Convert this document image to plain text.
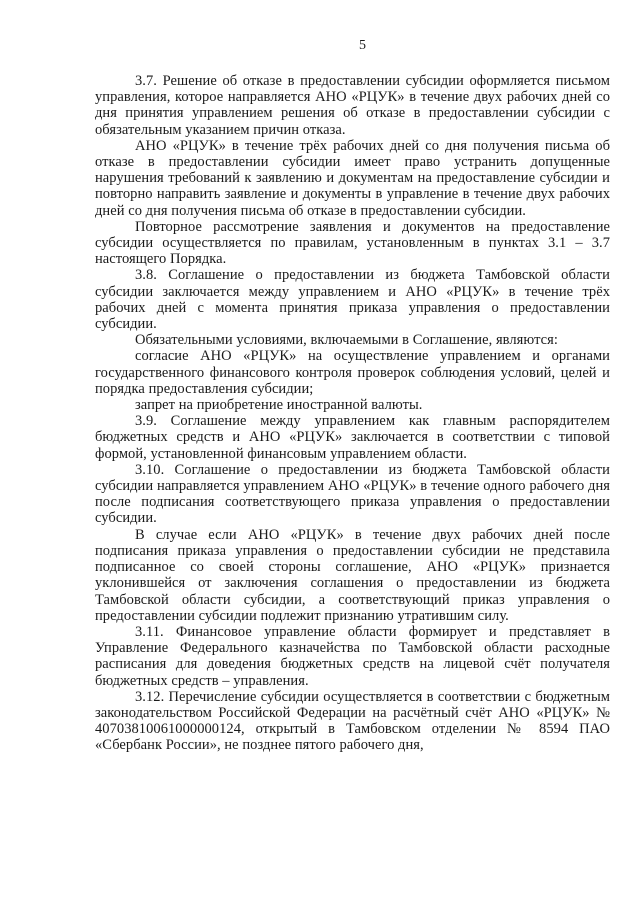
5

3.7. Решение об отказе в предоставлении субсидии оформляется письмом управления, которое направляется АНО «РЦУК» в течение двух рабочих дней со дня принятия управлением решения об отказе в предоставлении субсидии с обязательным указанием причин отказа.

АНО «РЦУК» в течение трёх рабочих дней со дня получения письма об отказе в предоставлении субсидии имеет право устранить допущенные нарушения требований к заявлению и документам на предоставление субсидии и повторно направить заявление и документы в управление в течение двух рабочих дней со дня получения письма об отказе в предоставлении субсидии.

Повторное рассмотрение заявления и документов на предоставление субсидии осуществляется по правилам, установленным в пунктах 3.1 – 3.7 настоящего Порядка.

3.8. Соглашение о предоставлении из бюджета Тамбовской области субсидии заключается между управлением и АНО «РЦУК» в течение трёх рабочих дней с момента принятия приказа управления о предоставлении субсидии.

Обязательными условиями, включаемыми в Соглашение, являются:

согласие АНО «РЦУК» на осуществление управлением и органами государственного финансового контроля проверок соблюдения условий, целей и порядка предоставления субсидии;

запрет на приобретение иностранной валюты.

3.9. Соглашение между управлением как главным распорядителем бюджетных средств и АНО «РЦУК» заключается в соответствии с типовой формой, установленной финансовым управлением области.

3.10. Соглашение о предоставлении из бюджета Тамбовской области субсидии направляется управлением АНО «РЦУК» в течение одного рабочего дня после подписания соответствующего приказа управления о предоставлении субсидии.

В случае если АНО «РЦУК» в течение двух рабочих дней после подписания приказа управления о предоставлении субсидии не представила подписанное со своей стороны соглашение, АНО «РЦУК» признается уклонившейся от заключения соглашения о предоставлении из бюджета Тамбовской области субсидии, а соответствующий приказ управления о предоставлении субсидии подлежит признанию утратившим силу.

3.11. Финансовое управление области формирует и представляет в Управление Федерального казначейства по Тамбовской области расходные расписания для доведения бюджетных средств на лицевой счёт получателя бюджетных средств – управления.

3.12. Перечисление субсидии осуществляется в соответствии с бюджетным законодательством Российской Федерации на расчётный счёт АНО «РЦУК» № 40703810061000000124, открытый в Тамбовском отделении № 8594 ПАО «Сбербанк России», не позднее пятого рабочего дня,
